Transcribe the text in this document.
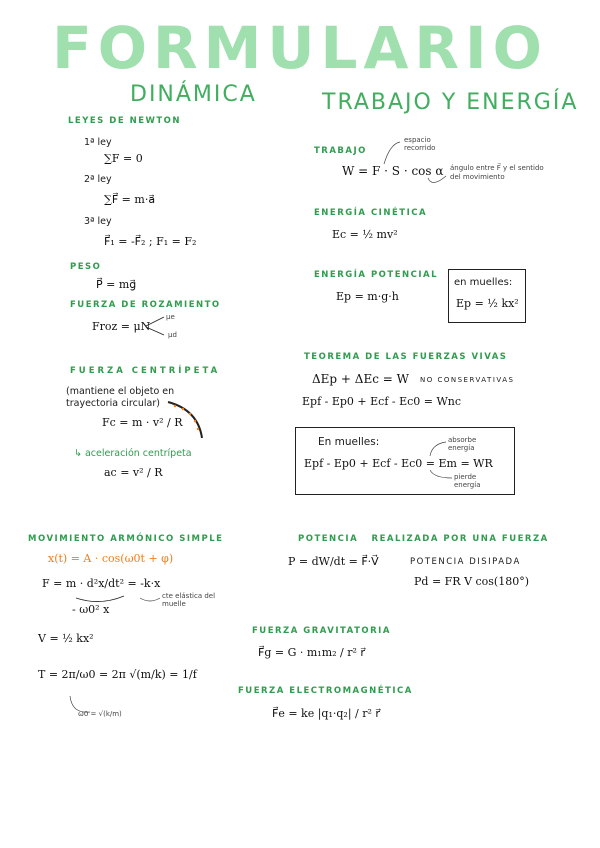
FORMULARIO
DINÁMICA	TRABAJO Y ENERGÍA
LEYES DE NEWTON
1ª ley
∑F = 0
2ª ley
∑F⃗ = m·a⃗
3ª ley
F⃗₁ = -F⃗₂ ; F₁ = F₂
PESO
P⃗ = mg⃗
FUERZA DE ROZAMIENTO
Froz = μN
μe
μd
FUERZA CENTRÍPETA
(mantiene el objeto en trayectoria circular)
Fc = m · v² / R
↳ aceleración centrípeta
ac = v² / R
TRABAJO
espacio recorrido
W = F · S · cos α ángulo entre F⃗ y el sentido del movimiento
ENERGÍA CINÉTICA
Ec = ½ mv²
ENERGÍA POTENCIAL
Ep = m·g·h
en muelles:
Ep = ½ kx²
TEOREMA DE LAS FUERZAS VIVAS
ΔEp + ΔEc = W NO CONSERVATIVAS
Epf - Ep0 + Ecf - Ec0 = Wnc
En muelles:
Epf - Ep0 + Ecf - Ec0 = Em = WR
absorbe energía
pierde energía
MOVIMIENTO ARMÓNICO SIMPLE
x(t) = A · cos(ω0t + φ)
F = m · d²x/dt² = -k·x
- ω0² x
cte elástica del muelle
V = ½ kx²
T = 2π/ω0 = 2π √(m/k) = 1/f
ω0 = √(k/m)
POTENCIA REALIZADA POR UNA FUERZA
P = dW/dt = F⃗·V⃗	POTENCIA DISIPADA
Pd = FR V cos(180°)
FUERZA GRAVITATORIA
F⃗g = G · m₁m₂ / r² r⃗
FUERZA ELECTROMAGNÉTICA
F⃗e = ke |q₁·q₂| / r² r⃗
